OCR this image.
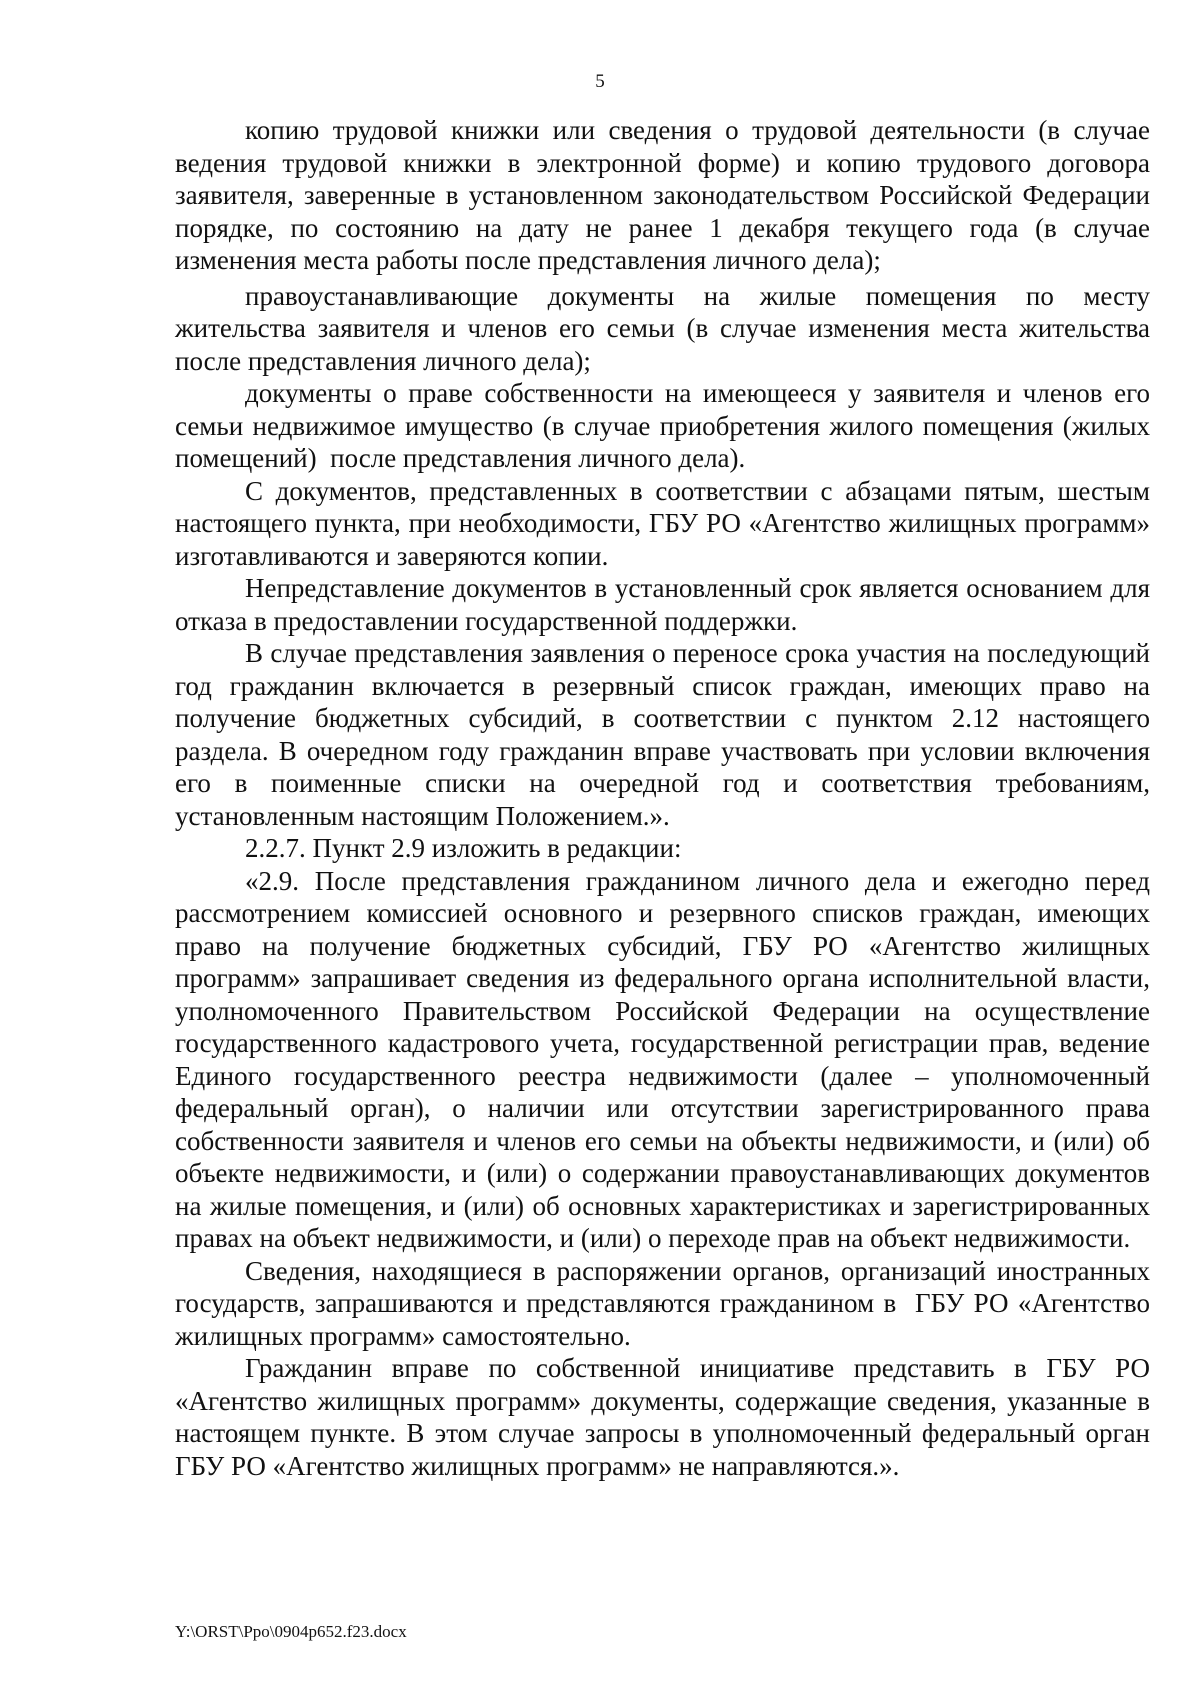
5

копию трудовой книжки или сведения о трудовой деятельности (в случае ведения трудовой книжки в электронной форме) и копию трудового договора заявителя, заверенные в установленном законодательством Российской Федерации порядке, по состоянию на дату не ранее 1 декабря текущего года (в случае изменения места работы после представления личного дела);

правоустанавливающие документы на жилые помещения по месту жительства заявителя и членов его семьи (в случае изменения места жительства после представления личного дела);

документы о праве собственности на имеющееся у заявителя и членов его семьи недвижимое имущество (в случае приобретения жилого помещения (жилых помещений)  после представления личного дела).

С документов, представленных в соответствии с абзацами пятым, шестым настоящего пункта, при необходимости, ГБУ РО «Агентство жилищных программ» изготавливаются и заверяются копии.

Непредставление документов в установленный срок является основанием для отказа в предоставлении государственной поддержки.

В случае представления заявления о переносе срока участия на последующий год гражданин включается в резервный список граждан, имеющих право на получение бюджетных субсидий, в соответствии с пунктом 2.12 настоящего раздела. В очередном году гражданин вправе участвовать при условии включения его в поименные списки на очередной год и соответствия требованиям, установленным настоящим Положением.».

2.2.7. Пункт 2.9 изложить в редакции:

«2.9. После представления гражданином личного дела и ежегодно перед рассмотрением комиссией основного и резервного списков граждан, имеющих право на получение бюджетных субсидий, ГБУ РО «Агентство жилищных программ» запрашивает сведения из федерального органа исполнительной власти, уполномоченного Правительством Российской Федерации на осуществление государственного кадастрового учета, государственной регистрации прав, ведение Единого государственного реестра недвижимости (далее – уполномоченный федеральный орган), о наличии или отсутствии зарегистрированного права собственности заявителя и членов его семьи на объекты недвижимости, и (или) об объекте недвижимости, и (или) о содержании правоустанавливающих документов на жилые помещения, и (или) об основных характеристиках и зарегистрированных правах на объект недвижимости, и (или) о переходе прав на объект недвижимости.

Сведения, находящиеся в распоряжении органов, организаций иностранных государств, запрашиваются и представляются гражданином в  ГБУ РО «Агентство жилищных программ» самостоятельно.

Гражданин вправе по собственной инициативе представить в ГБУ РО «Агентство жилищных программ» документы, содержащие сведения, указанные в настоящем пункте. В этом случае запросы в уполномоченный федеральный орган ГБУ РО «Агентство жилищных программ» не направляются.».

Y:\ORST\Ppo\0904p652.f23.docx
